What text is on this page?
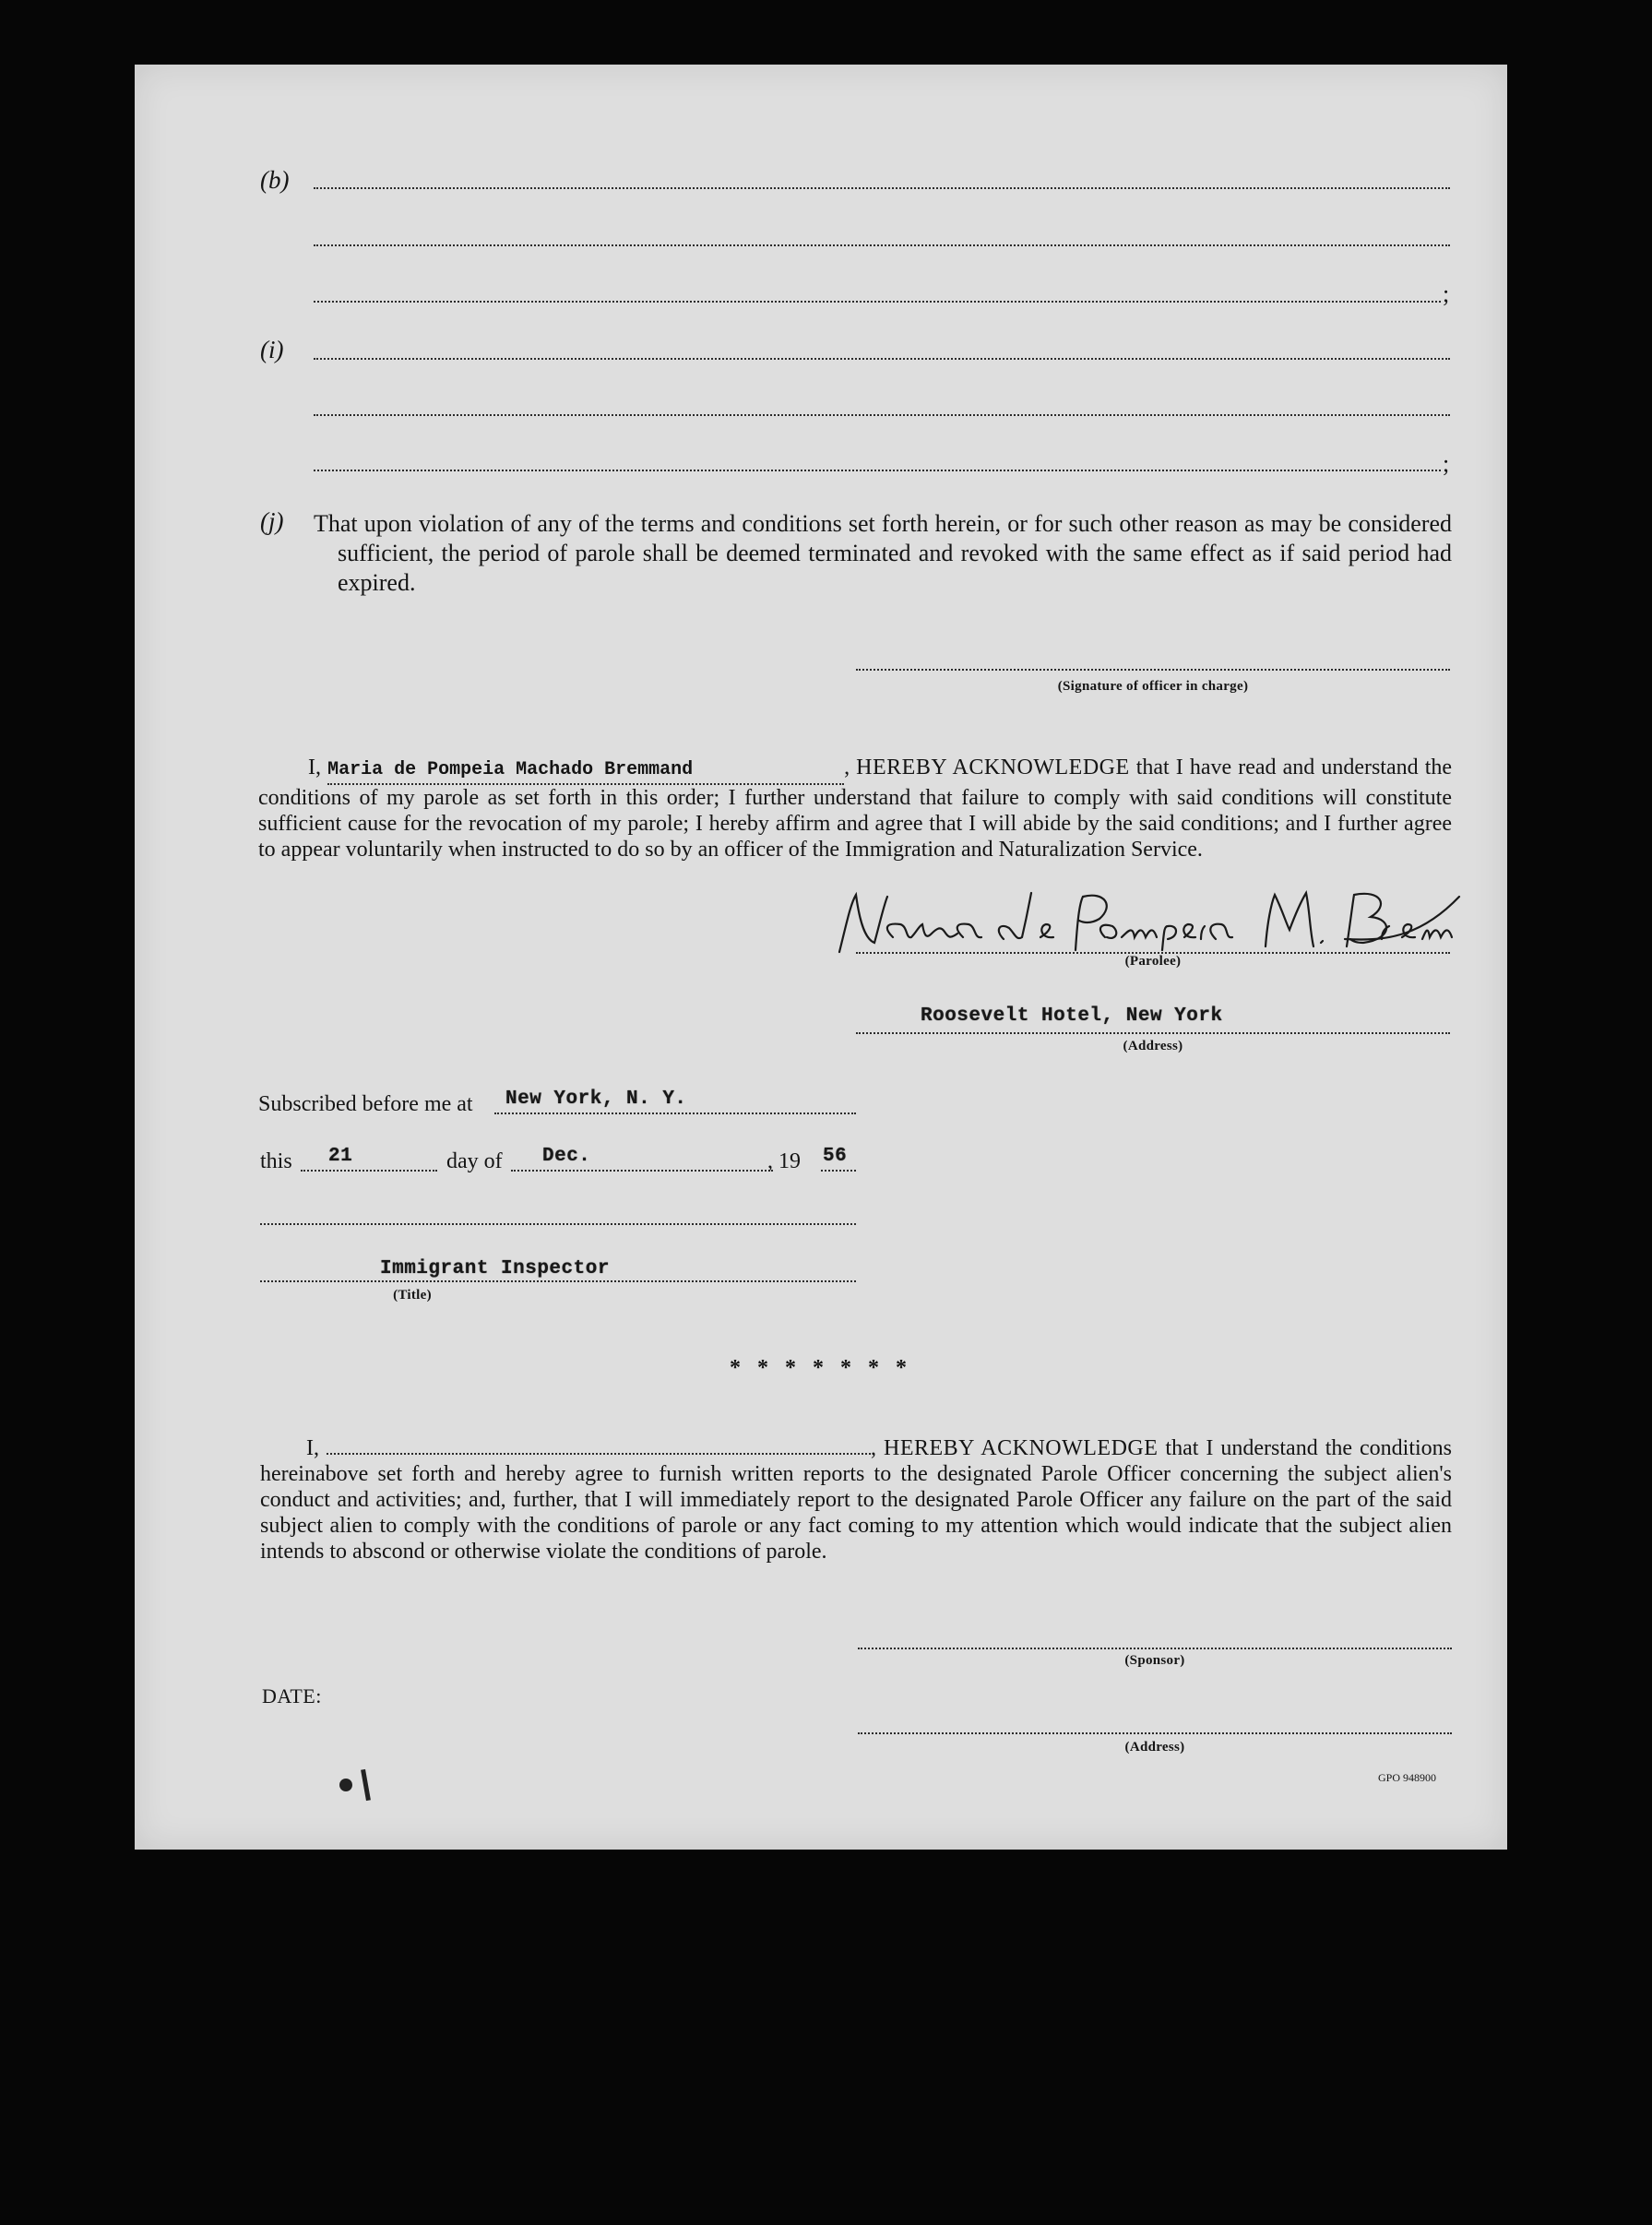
(b)
;
(i)
;
(j) That upon violation of any of the terms and conditions set forth herein, or for such other reason as may be considered sufficient, the period of parole shall be deemed terminated and revoked with the same effect as if said period had expired.
(Signature of officer in charge)
I, Maria de Pompeia Machado Bremmand	, HEREBY ACKNOWLEDGE that I have read and understand the conditions of my parole as set forth in this order; I further understand that failure to comply with said conditions will constitute sufficient cause for the revocation of my parole; I hereby affirm and agree that I will abide by the said conditions; and I further agree to appear voluntarily when instructed to do so by an officer of the Immigration and Naturalization Service.
(Parolee)
Roosevelt Hotel, New York
(Address)
Subscribed before me at New York, N. Y.
this 21	day of Dec.	, 19 56
Immigrant Inspector
(Title)
* * * * * * *
I,	, HEREBY ACKNOWLEDGE that I understand the conditions hereinabove set forth and hereby agree to furnish written reports to the designated Parole Officer concerning the subject alien's conduct and activities; and, further, that I will immediately report to the designated Parole Officer any failure on the part of the said subject alien to comply with the conditions of parole or any fact coming to my attention which would indicate that the subject alien intends to abscond or otherwise violate the conditions of parole.
(Sponsor)
DATE:
(Address)
GPO 948900
